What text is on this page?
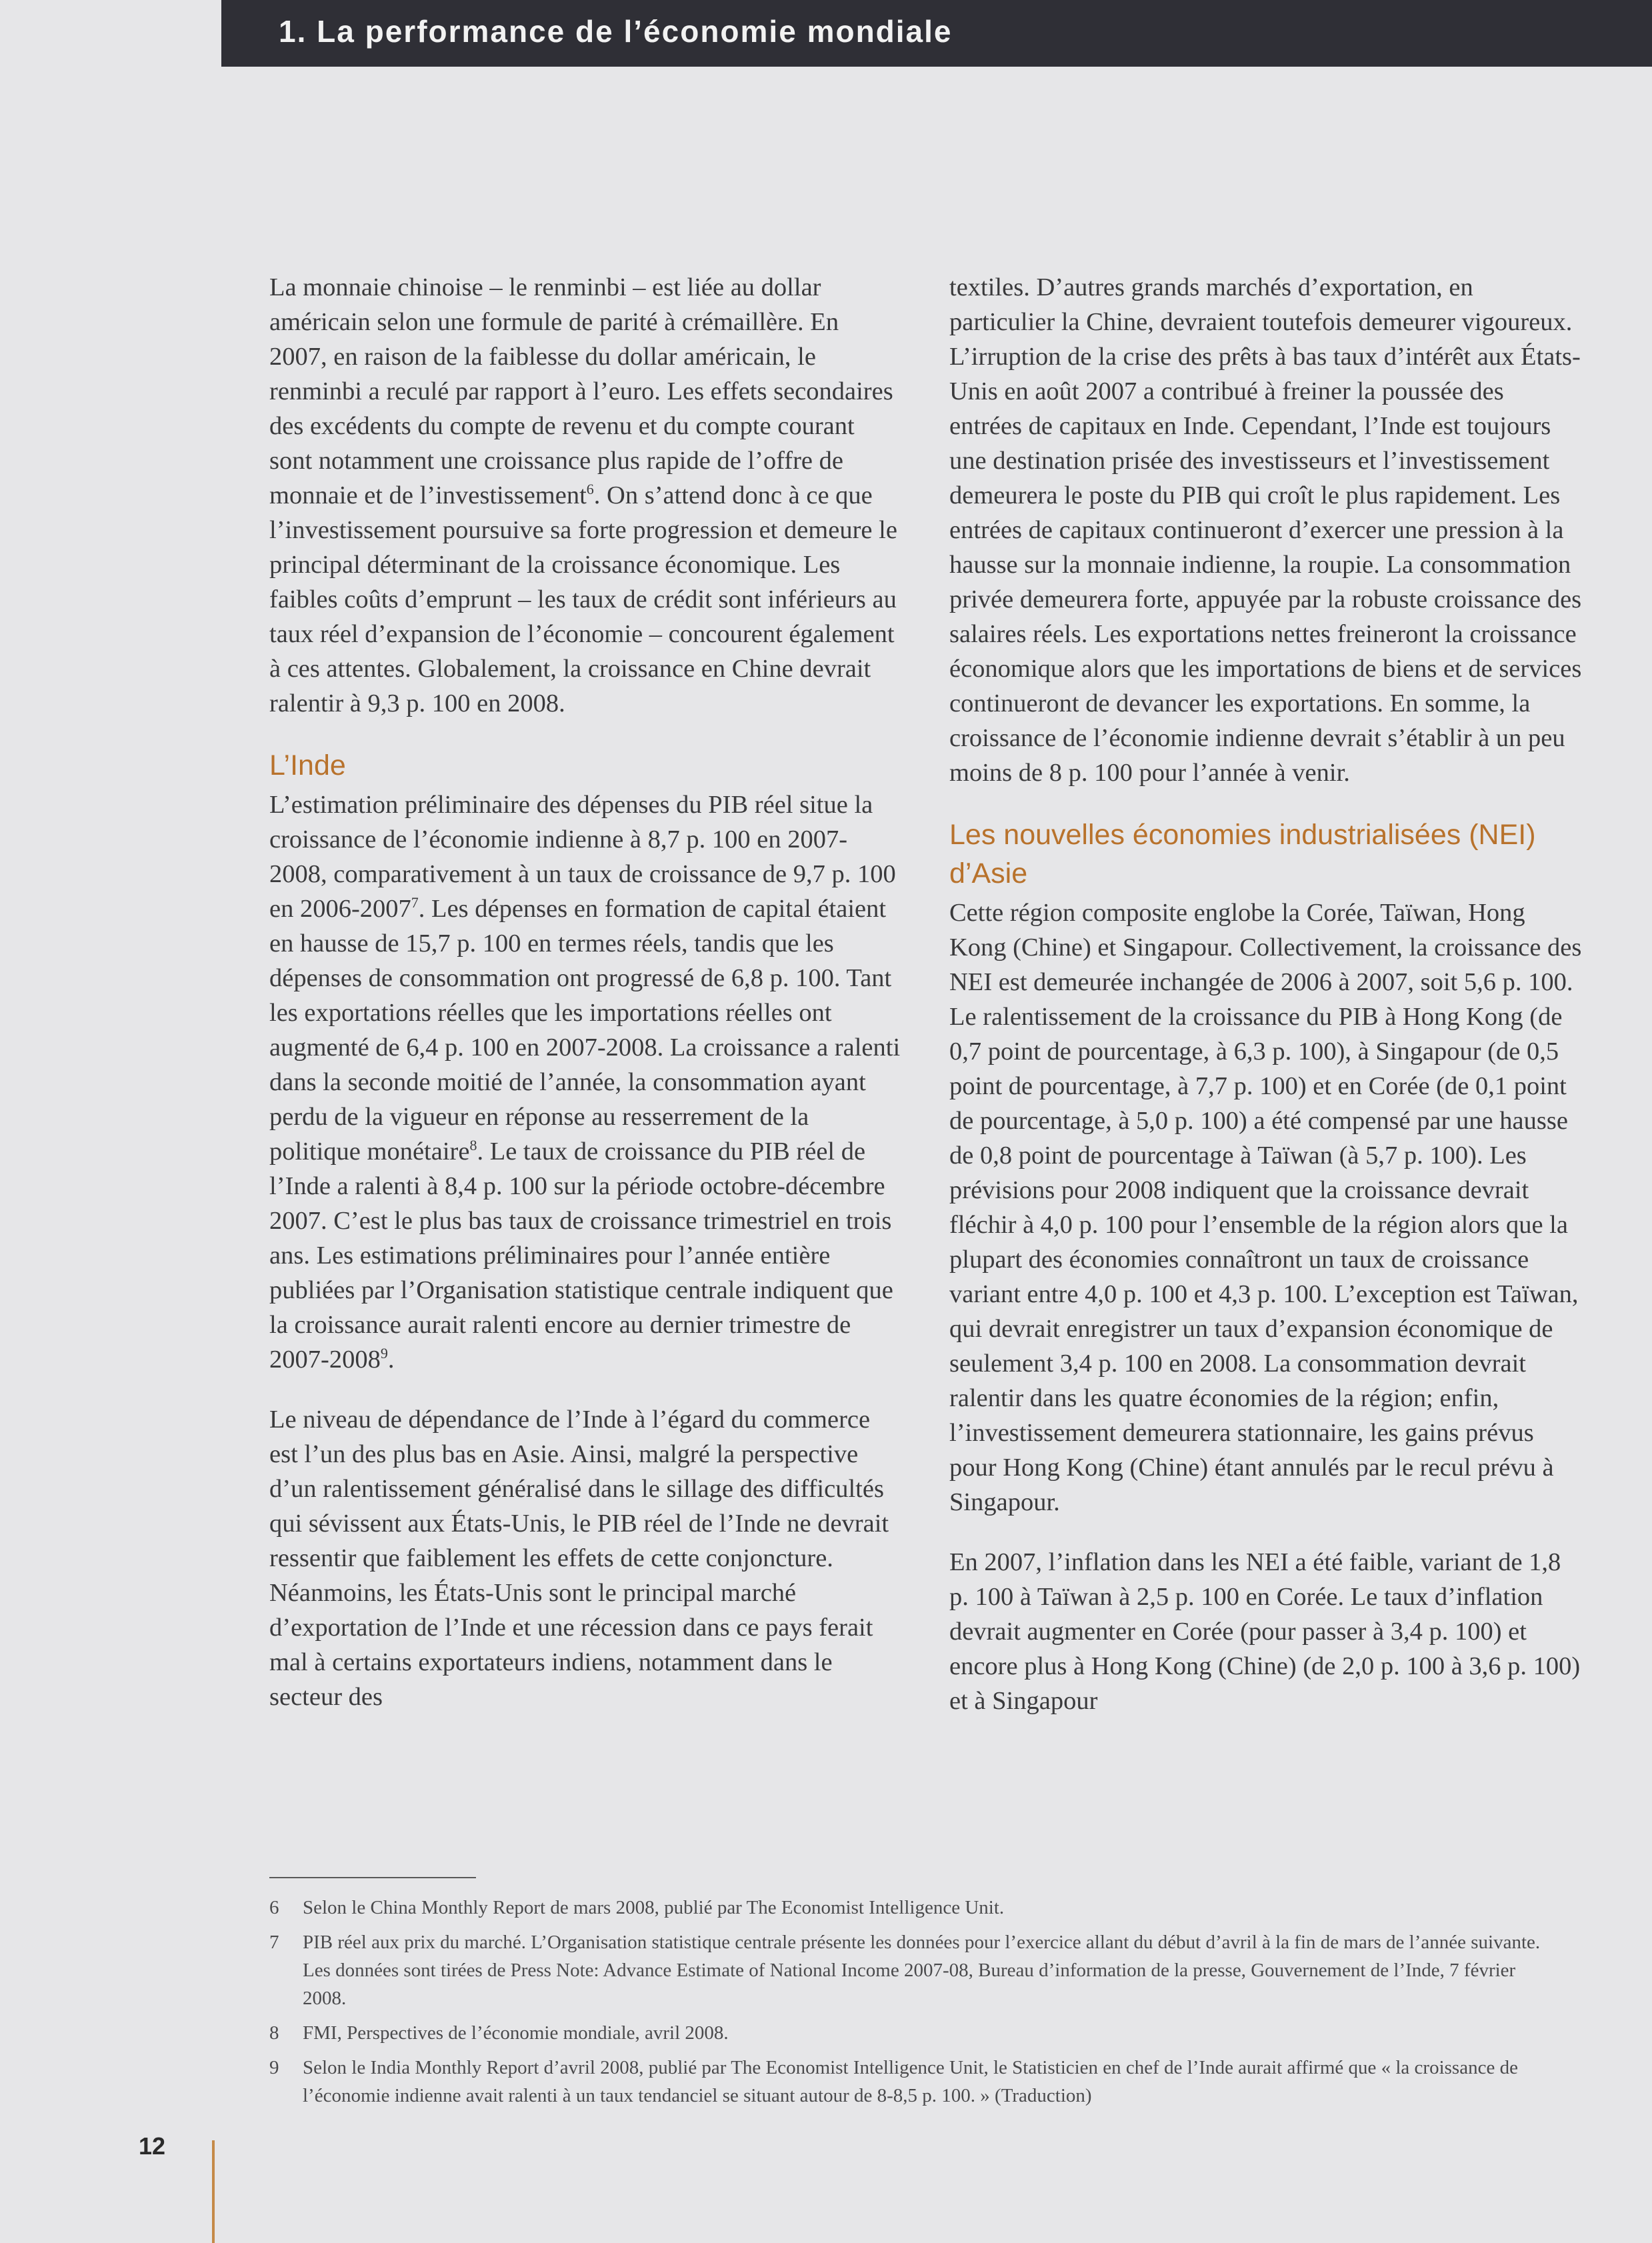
1. La performance de l’économie mondiale

La monnaie chinoise – le renminbi – est liée au dollar américain selon une formule de parité à crémaillère. En 2007, en raison de la faiblesse du dollar américain, le renminbi a reculé par rapport à l’euro. Les effets secondaires des excédents du compte de revenu et du compte courant sont notamment une croissance plus rapide de l’offre de monnaie et de l’investissement$^6$. On s’attend donc à ce que l’investissement poursuive sa forte progression et demeure le principal déterminant de la croissance économique. Les faibles coûts d’emprunt – les taux de crédit sont inférieurs au taux réel d’expansion de l’économie – concourent également à ces attentes. Globalement, la croissance en Chine devrait ralentir à 9,3 p. 100 en 2008.

L’Inde

L’estimation préliminaire des dépenses du PIB réel situe la croissance de l’économie indienne à 8,7 p. 100 en 2007-2008, comparativement à un taux de croissance de 9,7 p. 100 en 2006-2007$^7$. Les dépenses en formation de capital étaient en hausse de 15,7 p. 100 en termes réels, tandis que les dépenses de consommation ont progressé de 6,8 p. 100. Tant les exportations réelles que les importations réelles ont augmenté de 6,4 p. 100 en 2007-2008. La croissance a ralenti dans la seconde moitié de l’année, la consommation ayant perdu de la vigueur en réponse au resserrement de la politique monétaire$^8$. Le taux de croissance du PIB réel de l’Inde a ralenti à 8,4 p. 100 sur la période octobre-décembre 2007. C’est le plus bas taux de croissance trimestriel en trois ans. Les estimations préliminaires pour l’année entière publiées par l’Organisation statistique centrale indiquent que la croissance aurait ralenti encore au dernier trimestre de 2007-2008$^9$.

Le niveau de dépendance de l’Inde à l’égard du commerce est l’un des plus bas en Asie. Ainsi, malgré la perspective d’un ralentissement généralisé dans le sillage des difficultés qui sévissent aux États-Unis, le PIB réel de l’Inde ne devrait ressentir que faiblement les effets de cette conjoncture. Néanmoins, les États-Unis sont le principal marché d’exportation de l’Inde et une récession dans ce pays ferait mal à certains exportateurs indiens, notamment dans le secteur des

textiles. D’autres grands marchés d’exportation, en particulier la Chine, devraient toutefois demeurer vigoureux. L’irruption de la crise des prêts à bas taux d’intérêt aux États-Unis en août 2007 a contribué à freiner la poussée des entrées de capitaux en Inde. Cependant, l’Inde est toujours une destination prisée des investisseurs et l’investissement demeurera le poste du PIB qui croît le plus rapidement. Les entrées de capitaux continueront d’exercer une pression à la hausse sur la monnaie indienne, la roupie. La consommation privée demeurera forte, appuyée par la robuste croissance des salaires réels. Les exportations nettes freineront la croissance économique alors que les importations de biens et de services continueront de devancer les exportations. En somme, la croissance de l’économie indienne devrait s’établir à un peu moins de 8 p. 100 pour l’année à venir.

Les nouvelles économies industrialisées (NEI) d’Asie

Cette région composite englobe la Corée, Taïwan, Hong Kong (Chine) et Singapour. Collectivement, la croissance des NEI est demeurée inchangée de 2006 à 2007, soit 5,6 p. 100. Le ralentissement de la croissance du PIB à Hong Kong (de 0,7 point de pourcentage, à 6,3 p. 100), à Singapour (de 0,5 point de pourcentage, à 7,7 p. 100) et en Corée (de 0,1 point de pourcentage, à 5,0 p. 100) a été compensé par une hausse de 0,8 point de pourcentage à Taïwan (à 5,7 p. 100). Les prévisions pour 2008 indiquent que la croissance devrait fléchir à 4,0 p. 100 pour l’ensemble de la région alors que la plupart des économies connaîtront un taux de croissance variant entre 4,0 p. 100 et 4,3 p. 100. L’exception est Taïwan, qui devrait enregistrer un taux d’expansion économique de seulement 3,4 p. 100 en 2008. La consommation devrait ralentir dans les quatre économies de la région; enfin, l’investissement demeurera stationnaire, les gains prévus pour Hong Kong (Chine) étant annulés par le recul prévu à Singapour.

En 2007, l’inflation dans les NEI a été faible, variant de 1,8 p. 100 à Taïwan à 2,5 p. 100 en Corée. Le taux d’inflation devrait augmenter en Corée (pour passer à 3,4 p. 100) et encore plus à Hong Kong (Chine) (de 2,0 p. 100 à 3,6 p. 100) et à Singapour

6	Selon le China Monthly Report de mars 2008, publié par The Economist Intelligence Unit.
7	PIB réel aux prix du marché. L’Organisation statistique centrale présente les données pour l’exercice allant du début d’avril à la fin de mars de l’année suivante. Les données sont tirées de Press Note: Advance Estimate of National Income 2007-08, Bureau d’information de la presse, Gouvernement de l’Inde, 7 février 2008.
8	FMI, Perspectives de l’économie mondiale, avril 2008.
9	Selon le India Monthly Report d’avril 2008, publié par The Economist Intelligence Unit, le Statisticien en chef de l’Inde aurait affirmé que « la croissance de l’économie indienne avait ralenti à un taux tendanciel se situant autour de 8-8,5 p. 100. » (Traduction)
12
